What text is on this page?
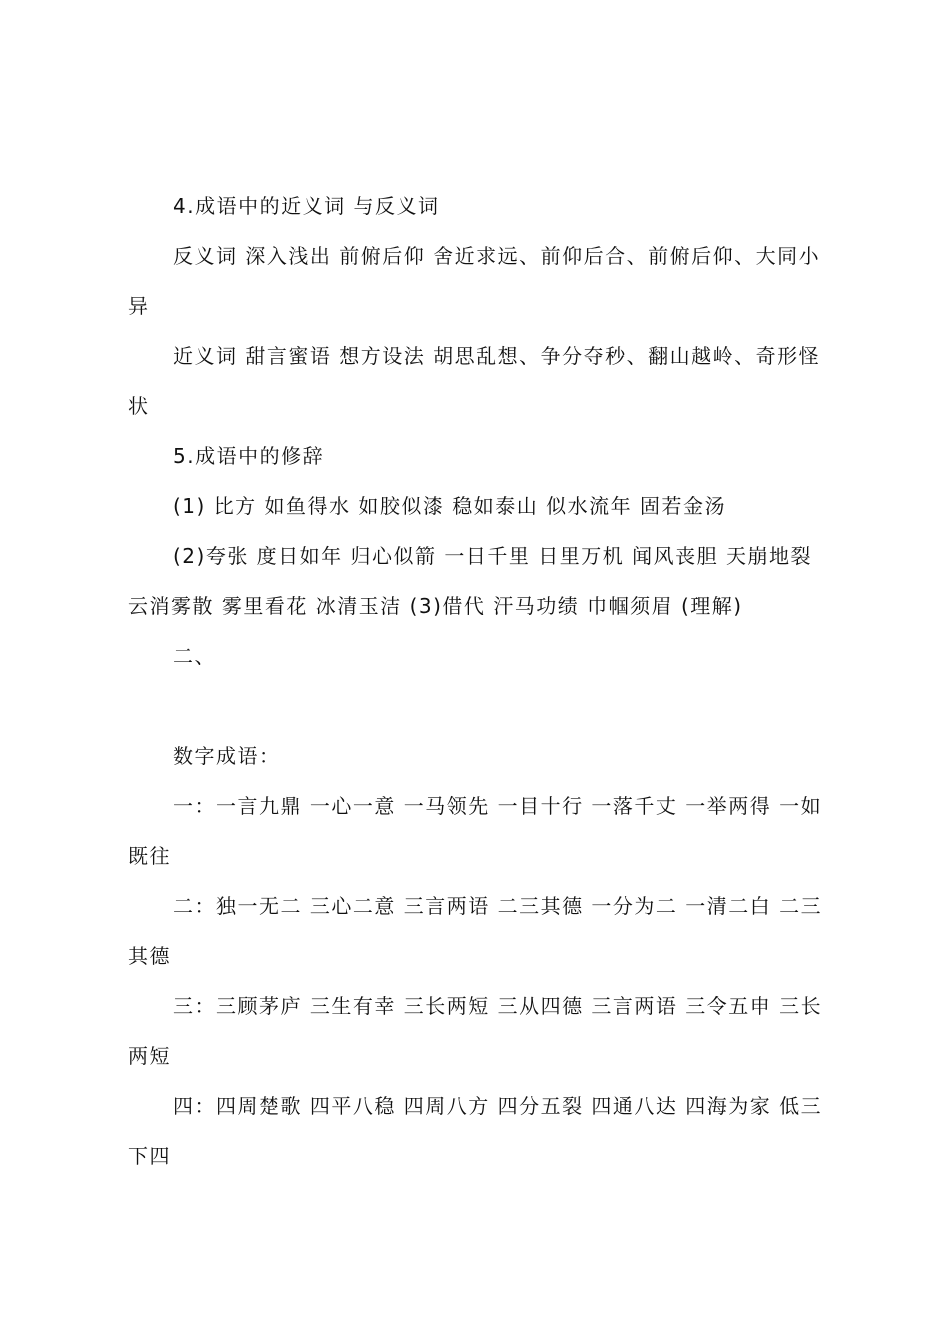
4.成语中的近义词 与反义词

反义词 深入浅出 前俯后仰 舍近求远、前仰后合、前俯后仰、大同小异

近义词 甜言蜜语 想方设法 胡思乱想、争分夺秒、翻山越岭、奇形怪状

5.成语中的修辞

(1) 比方 如鱼得水 如胶似漆 稳如泰山 似水流年 固若金汤

(2)夸张 度日如年 归心似箭 一日千里 日里万机 闻风丧胆 天崩地裂 云消雾散 雾里看花 冰清玉洁 (3)借代 汗马功绩 巾帼须眉 (理解)

二、

数字成语：

一：一言九鼎 一心一意 一马领先 一目十行 一落千丈 一举两得 一如既往

二：独一无二 三心二意 三言两语 二三其德 一分为二 一清二白 二三其德

三：三顾茅庐 三生有幸 三长两短 三从四德 三言两语 三令五申 三长两短

四：四周楚歌 四平八稳 四周八方 四分五裂 四通八达 四海为家 低三下四
